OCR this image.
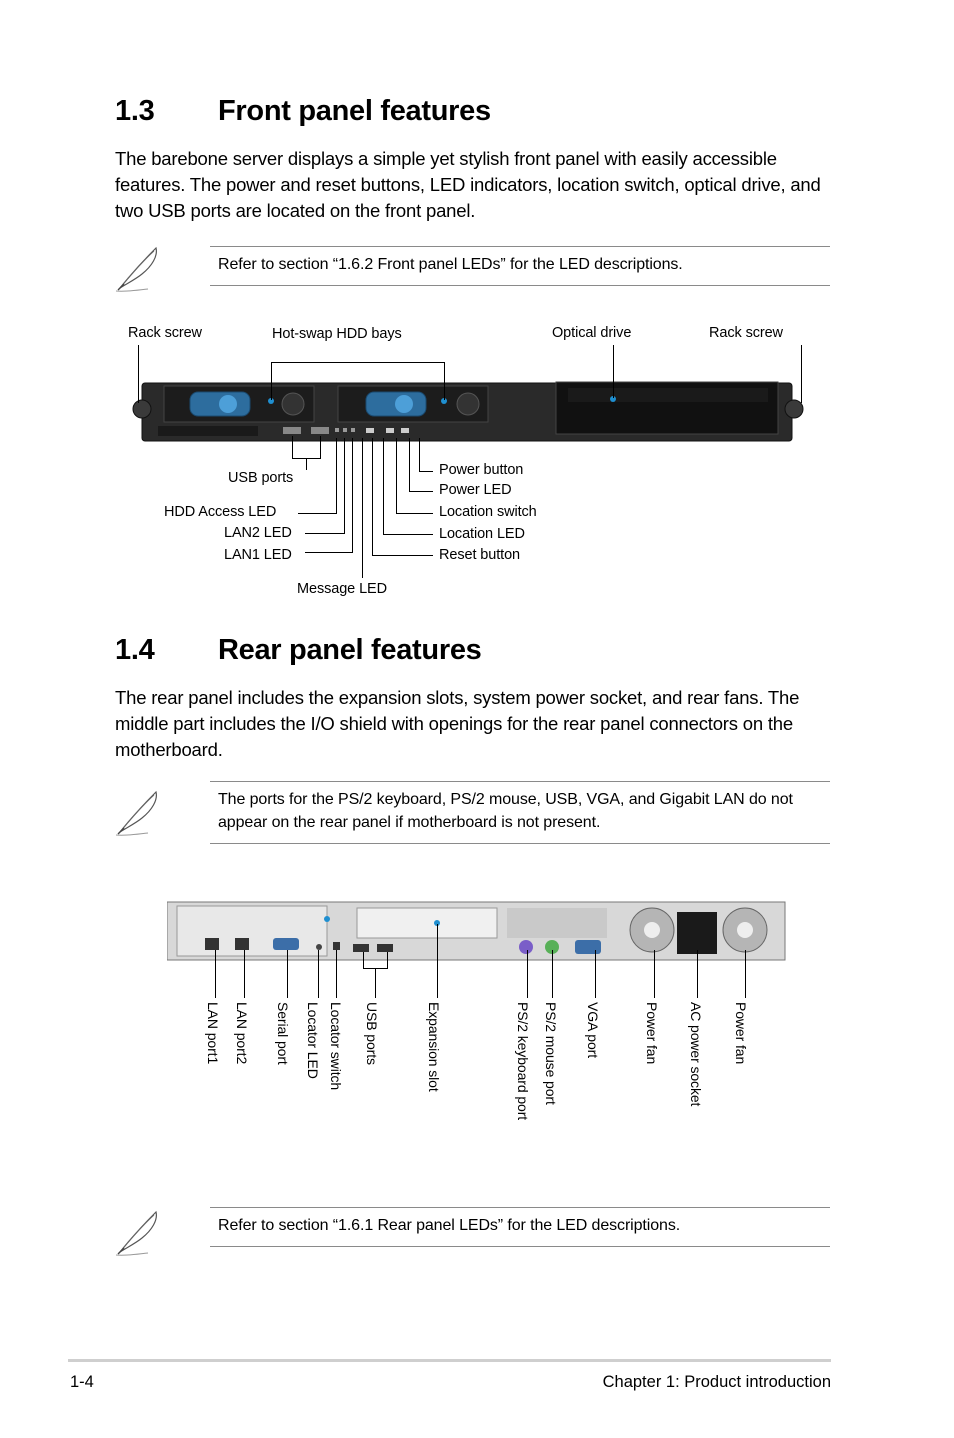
1.3 Front panel features
The barebone server displays a simple yet stylish front panel with easily accessible features. The power and reset buttons, LED indicators, location switch, optical drive, and two USB ports are located on the front panel.
Refer to section “1.6.2 Front panel LEDs” for the LED descriptions.
Rack screw	Hot-swap HDD bays	Optical drive	Rack screw
USB ports
HDD Access LED
LAN2 LED
LAN1 LED
Message LED
Power button
Power LED
Location switch
Location LED
Reset button
1.4 Rear panel features
The rear panel includes the expansion slots, system power socket, and rear fans. The middle part includes the I/O shield with openings for the rear panel connectors on the motherboard.
The ports for the PS/2 keyboard, PS/2 mouse, USB, VGA, and Gigabit LAN do not appear on the rear panel if motherboard is not present.
LAN port1 LAN port2 Serial port Locator LED Locator switch USB ports	Expansion slot	PS/2 keyboard port PS/2 mouse port VGA port	Power fan AC power socket Power fan
Refer to section “1.6.1 Rear panel LEDs” for the LED descriptions.
1-4	Chapter 1: Product introduction
